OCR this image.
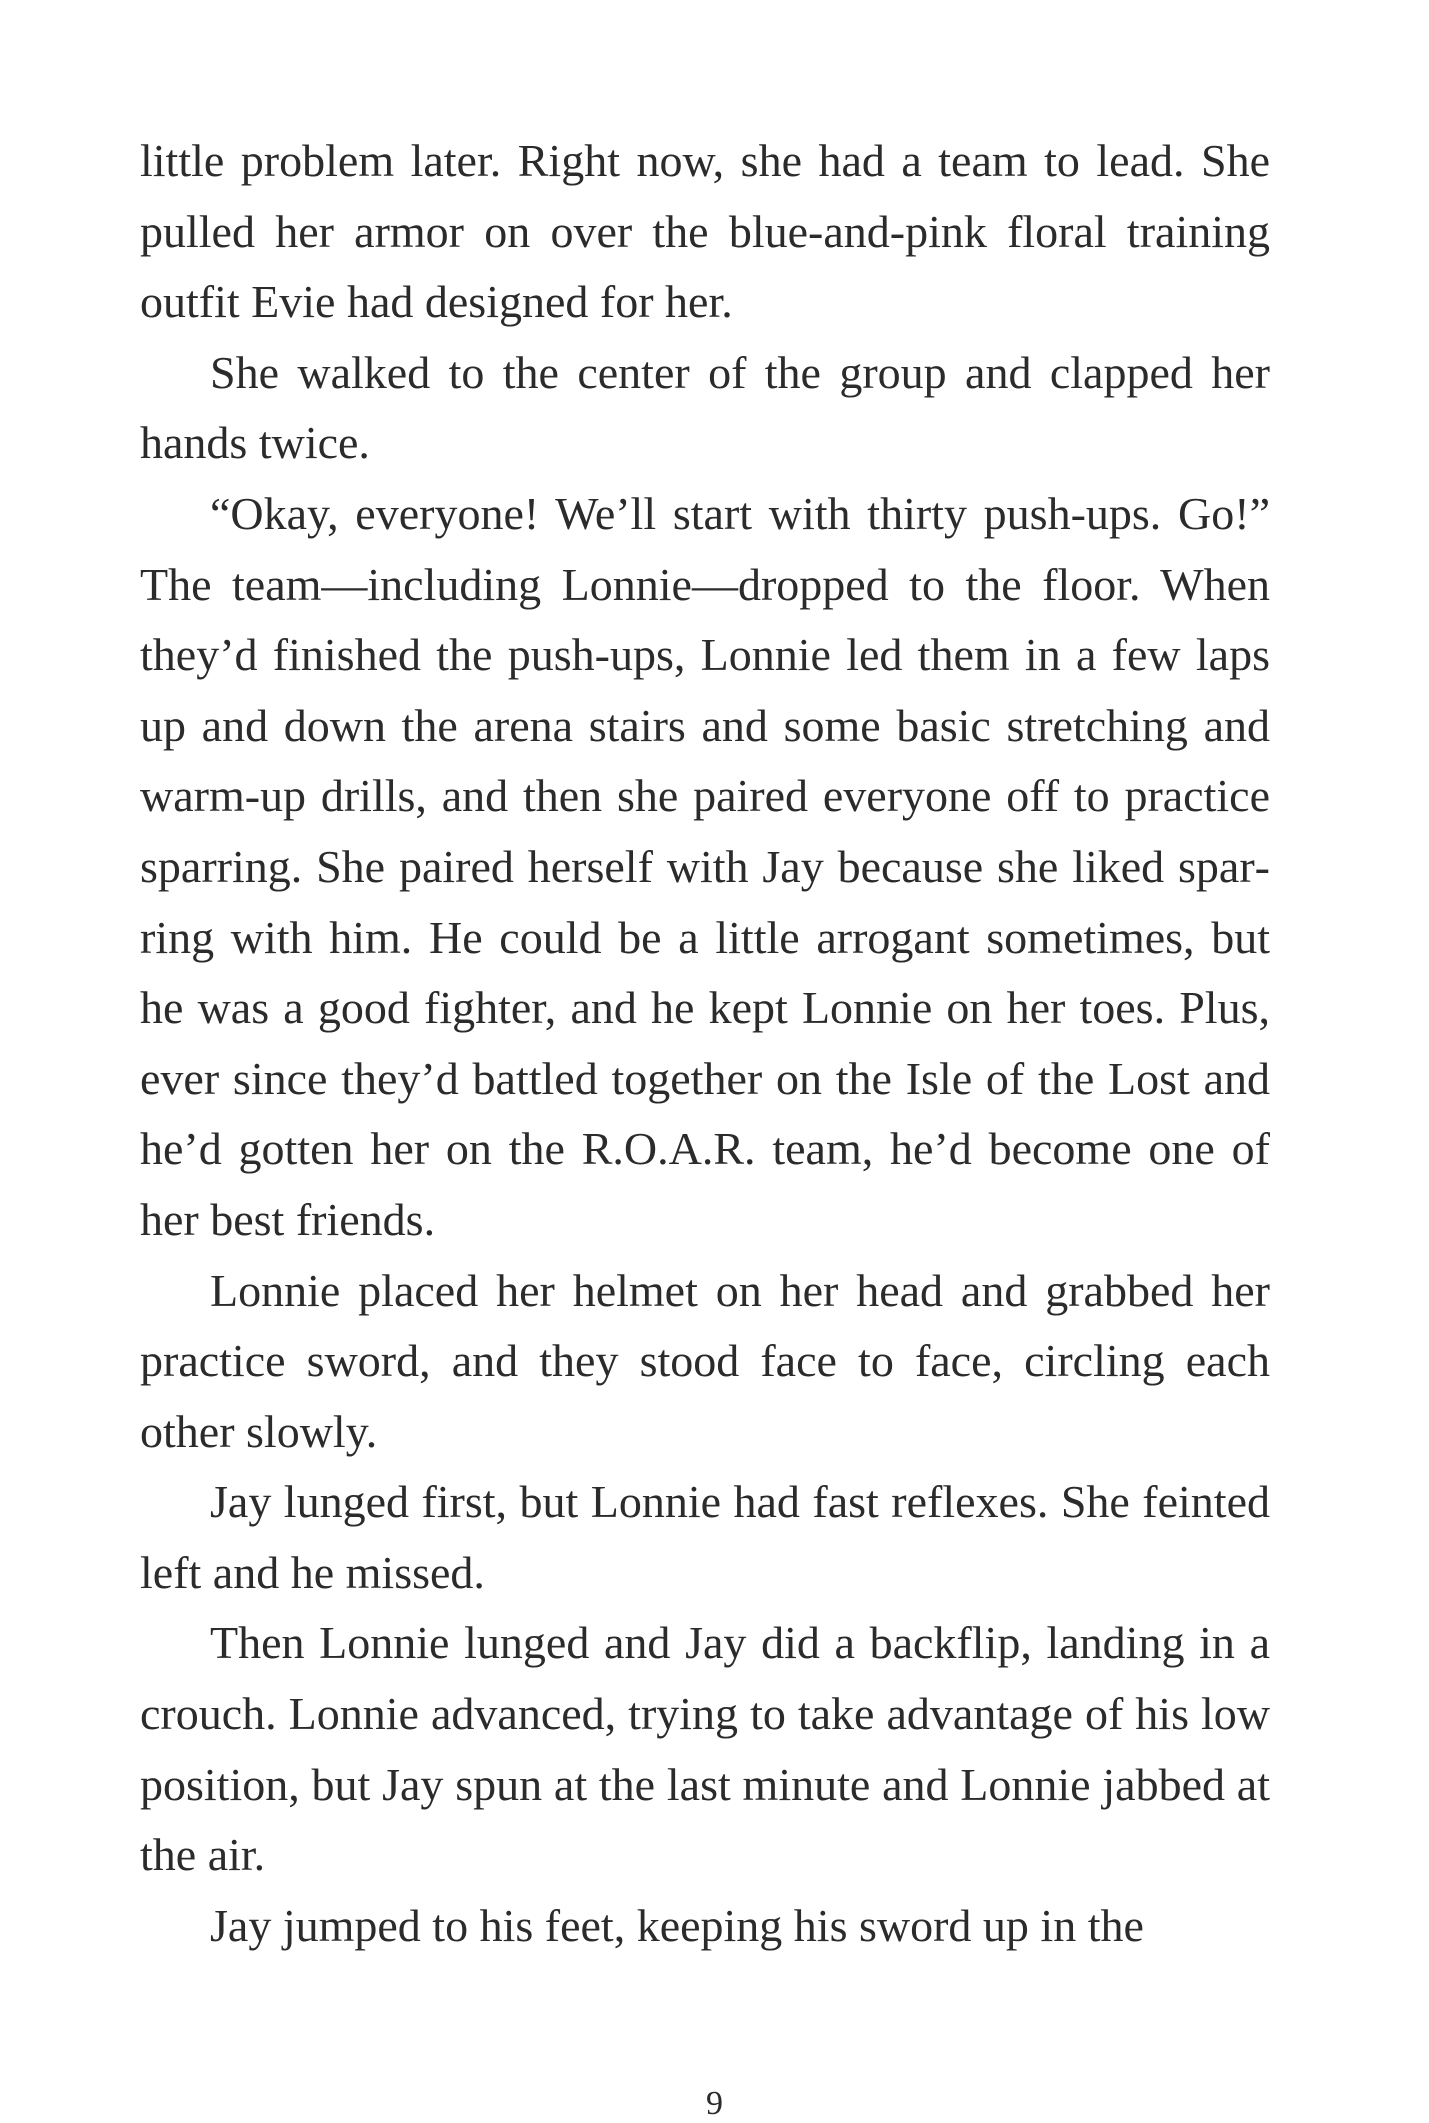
little problem later. Right now, she had a team to lead. She pulled her armor on over the blue-and-pink floral training outfit Evie had designed for her.

She walked to the center of the group and clapped her hands twice.

“Okay, everyone! We’ll start with thirty push-ups. Go!” The team—including Lonnie—dropped to the floor. When they’d finished the push-ups, Lonnie led them in a few laps up and down the arena stairs and some basic stretching and warm-up drills, and then she paired everyone off to practice sparring. She paired herself with Jay because she liked sparring with him. He could be a little arrogant sometimes, but he was a good fighter, and he kept Lonnie on her toes. Plus, ever since they’d battled together on the Isle of the Lost and he’d gotten her on the R.O.A.R. team, he’d become one of her best friends.

Lonnie placed her helmet on her head and grabbed her practice sword, and they stood face to face, circling each other slowly.

Jay lunged first, but Lonnie had fast reflexes. She feinted left and he missed.

Then Lonnie lunged and Jay did a backflip, landing in a crouch. Lonnie advanced, trying to take advantage of his low position, but Jay spun at the last minute and Lonnie jabbed at the air.

Jay jumped to his feet, keeping his sword up in the

9
